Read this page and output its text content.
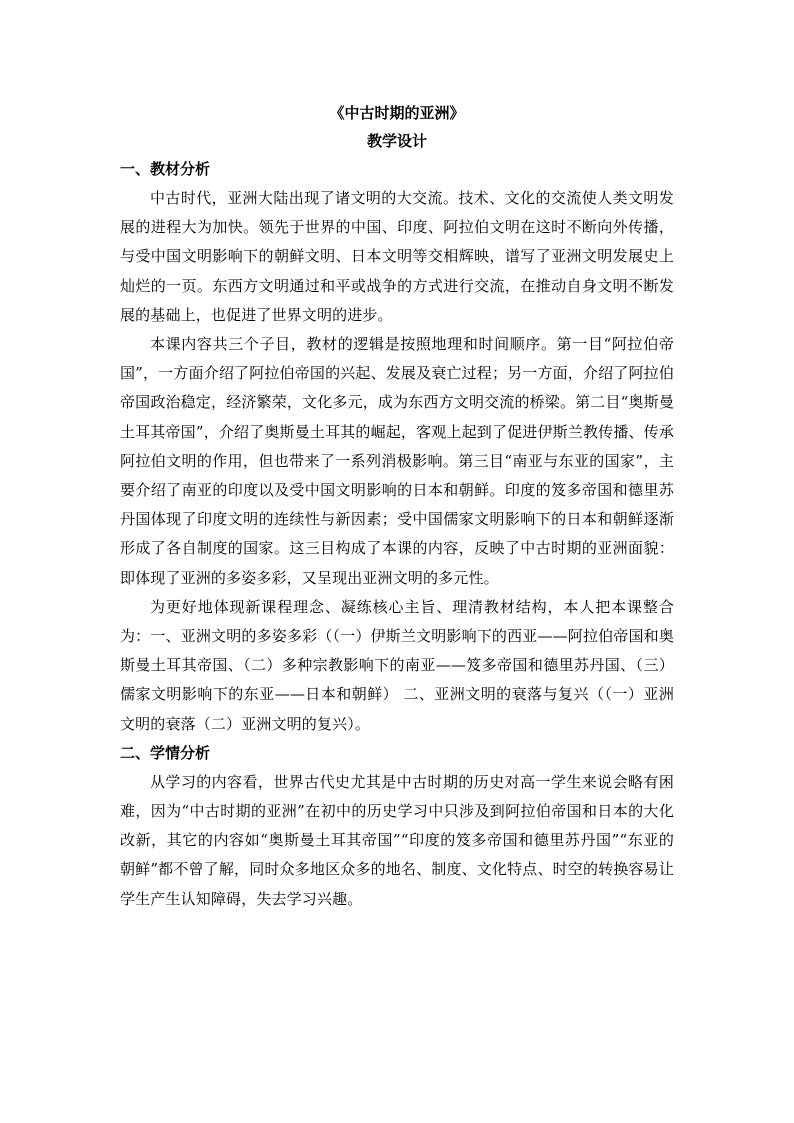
《中古时期的亚洲》
教学设计
一、教材分析

中古时代，亚洲大陆出现了诸文明的大交流。技术、文化的交流使人类文明发展的进程大为加快。领先于世界的中国、印度、阿拉伯文明在这时不断向外传播，与受中国文明影响下的朝鲜文明、日本文明等交相辉映，谱写了亚洲文明发展史上灿烂的一页。东西方文明通过和平或战争的方式进行交流，在推动自身文明不断发展的基础上，也促进了世界文明的进步。

本课内容共三个子目，教材的逻辑是按照地理和时间顺序。第一目“阿拉伯帝国”，一方面介绍了阿拉伯帝国的兴起、发展及衰亡过程；另一方面，介绍了阿拉伯帝国政治稳定，经济繁荣，文化多元，成为东西方文明交流的桥梁。第二目“奥斯曼土耳其帝国”，介绍了奥斯曼土耳其的崛起，客观上起到了促进伊斯兰教传播、传承阿拉伯文明的作用，但也带来了一系列消极影响。第三目“南亚与东亚的国家”，主要介绍了南亚的印度以及受中国文明影响的日本和朝鲜。印度的笈多帝国和德里苏丹国体现了印度文明的连续性与新因素；受中国儒家文明影响下的日本和朝鲜逐渐形成了各自制度的国家。这三目构成了本课的内容，反映了中古时期的亚洲面貌：即体现了亚洲的多姿多彩，又呈现出亚洲文明的多元性。

为更好地体现新课程理念、凝练核心主旨、理清教材结构，本人把本课整合为：一、亚洲文明的多姿多彩（（一）伊斯兰文明影响下的西亚——阿拉伯帝国和奥斯曼土耳其帝国、（二）多种宗教影响下的南亚——笈多帝国和德里苏丹国、（三）儒家文明影响下的东亚——日本和朝鲜） 二、亚洲文明的衰落与复兴（（一）亚洲文明的衰落（二）亚洲文明的复兴）。

二、学情分析

从学习的内容看，世界古代史尤其是中古时期的历史对高一学生来说会略有困难，因为“中古时期的亚洲”在初中的历史学习中只涉及到阿拉伯帝国和日本的大化改新，其它的内容如“奥斯曼土耳其帝国”“印度的笈多帝国和德里苏丹国”“东亚的朝鲜”都不曾了解，同时众多地区众多的地名、制度、文化特点、时空的转换容易让学生产生认知障碍，失去学习兴趣。
